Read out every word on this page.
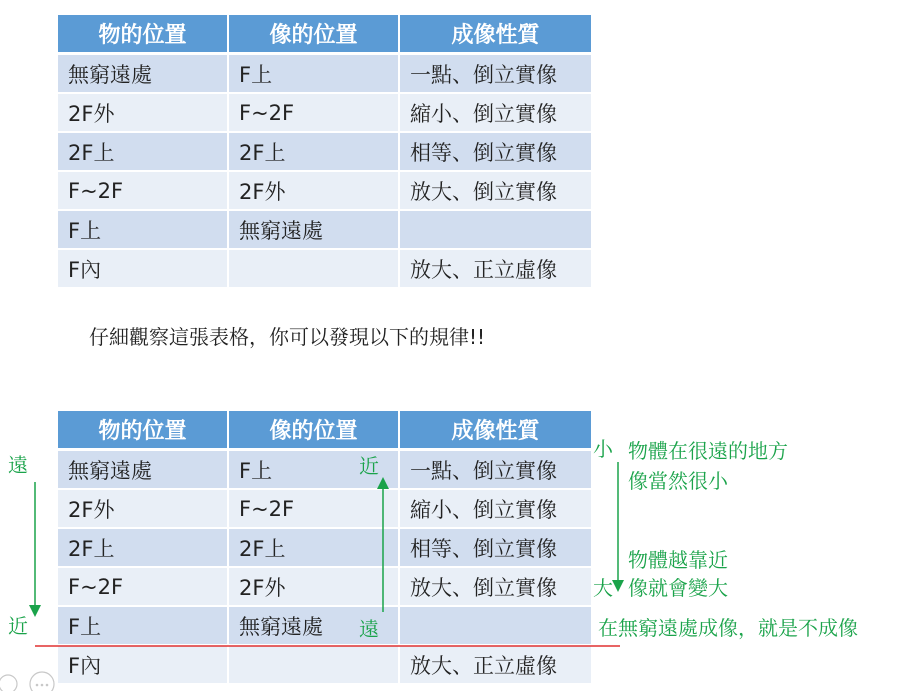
物的位置	像的位置	成像性質
無窮遠處	F上	一點、倒立實像
2F外	F~2F	縮小、倒立實像
2F上	2F上	相等、倒立實像
F~2F	2F外	放大、倒立實像
F上	無窮遠處	
F內		放大、正立虛像
仔細觀察這張表格，你可以發現以下的規律!!
物的位置	像的位置	成像性質
無窮遠處	F上	一點、倒立實像
2F外	F~2F	縮小、倒立實像
2F上	2F上	相等、倒立實像
F~2F	2F外	放大、倒立實像
F上	無窮遠處	
F內		放大、正立虛像
遠
近
近
遠
小
大
物體在很遠的地方
像當然很小
物體越靠近
像就會變大
在無窮遠處成像，就是不成像
